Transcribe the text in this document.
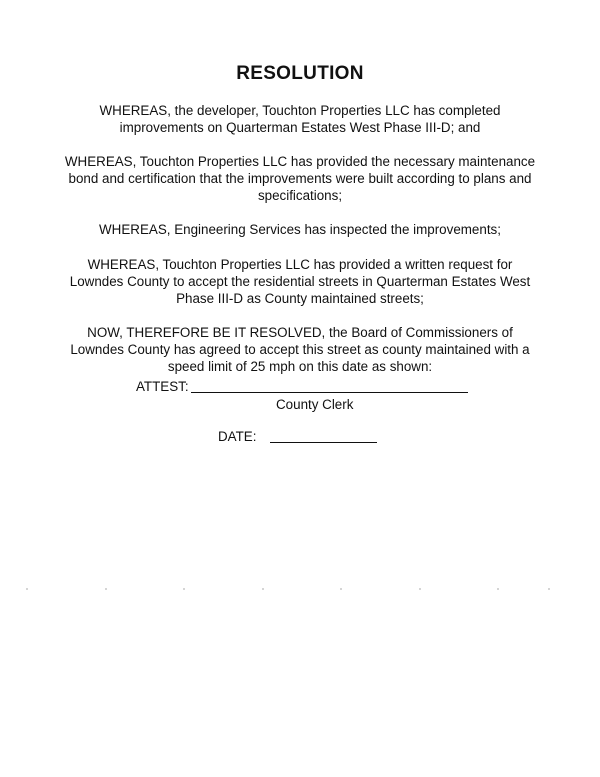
RESOLUTION
WHEREAS, the developer, Touchton Properties LLC has completed improvements on Quarterman Estates West Phase III-D; and
WHEREAS, Touchton Properties LLC has provided the necessary maintenance bond and certification that the improvements were built according to plans and specifications;
WHEREAS, Engineering Services has inspected the improvements;
WHEREAS, Touchton Properties LLC has provided a written request for Lowndes County to accept the residential streets in Quarterman Estates West Phase III-D as County maintained streets;
NOW, THEREFORE BE IT RESOLVED, the Board of Commissioners of Lowndes County has agreed to accept this street as county maintained with a speed limit of 25 mph on this date as shown:
ATTEST:
County Clerk
DATE:
